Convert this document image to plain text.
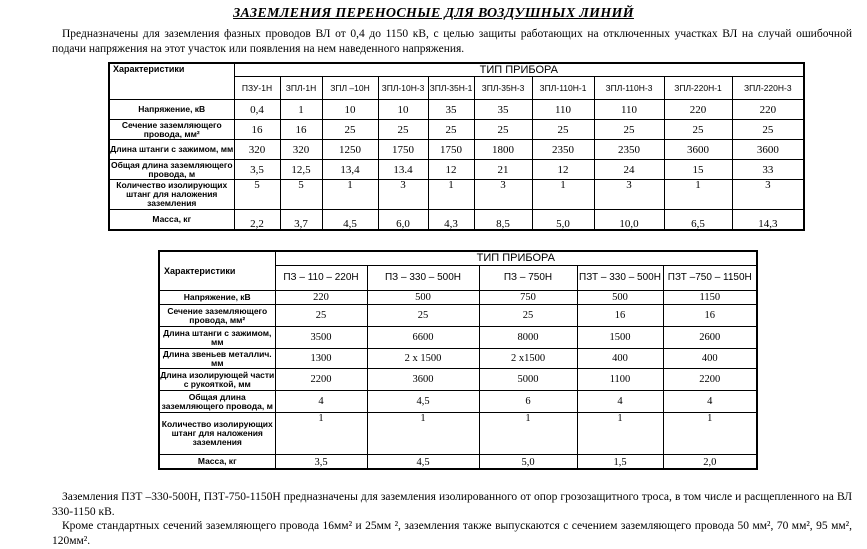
ЗАЗЕМЛЕНИЯ ПЕРЕНОСНЫЕ ДЛЯ ВОЗДУШНЫХ ЛИНИЙ
Предназначены для заземления фазных проводов ВЛ от 0,4 до 1150 кВ, с целью защиты работающих на отключенных участках ВЛ на случай ошибочной подачи напряжения на этот участок или появления на нем наведенного напряжения.
Характеристики	ТИП ПРИБОРА									
	ПЗУ-1Н	ЗПЛ-1Н	ЗПЛ –10Н	ЗПЛ-10Н-3	ЗПЛ-35Н-1	ЗПЛ-35Н-3	ЗПЛ-110Н-1	ЗПЛ-110Н-3	ЗПЛ-220Н-1	ЗПЛ-220Н-3
Напряжение, кВ	0,4	1	10	10	35	35	110	110	220	220
Сечение заземляющего провода, мм²	16	16	25	25	25	25	25	25	25	25
Длина штанги с зажимом, мм	320	320	1250	1750	1750	1800	2350	2350	3600	3600
Общая длина заземляющего провода, м	3,5	12,5	13,4	13.4	12	21	12	24	15	33
Количество изолирующих штанг для наложения заземления	5	5	1	3	1	3	1	3	1	3
Масса, кг	2,2	3,7	4,5	6,0	4,3	8,5	5,0	10,0	6,5	14,3
Характеристики	ТИП ПРИБОРА				
	ПЗ – 110 – 220Н	ПЗ – 330 – 500Н	ПЗ – 750Н	ПЗТ – 330 – 500Н	ПЗТ –750 – 1150Н
Напряжение, кВ	220	500	750	500	1150
Сечение заземляющего провода, мм²	25	25	25	16	16
Длина штанги с зажимом, мм	3500	6600	8000	1500	2600
Длина звеньев металлич. мм	1300	2 x 1500	2 x1500	400	400
Длина изолирующей части с рукояткой, мм	2200	3600	5000	1100	2200
Общая длина заземляющего провода, м	4	4,5	6	4	4
Количество изолирующих штанг для наложения заземления	1	1	1	1	1
Масса, кг	3,5	4,5	5,0	1,5	2,0
Заземления ПЗТ –330-500Н, ПЗТ-750-1150Н предназначены для заземления изолированного от опор грозозащитного троса, в том числе и расщепленного на ВЛ 330-1150 кВ.
Кроме стандартных сечений заземляющего провода 16мм² и 25мм ², заземления также выпускаются с сечением заземляющего провода 50 мм², 70 мм², 95 мм², 120мм².
